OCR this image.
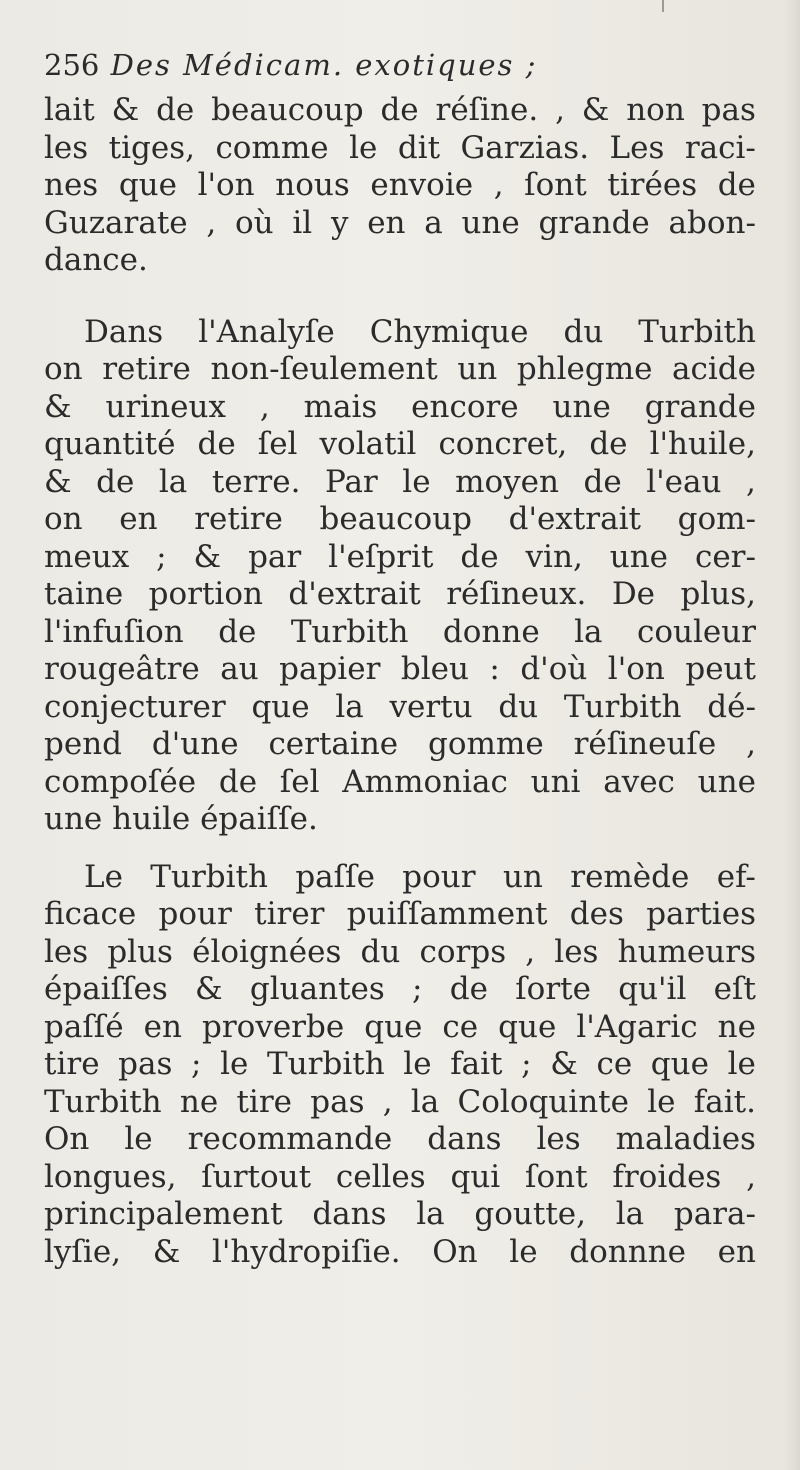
256 Des Médicam. exotiques ;
lait & de beaucoup de réſine. , & non pas
les tiges, comme le dit Garzias. Les raci-
nes que l'on nous envoie , ſont tirées de
Guzarate , où il y en a une grande abon-
dance.
Dans l'Analyſe Chymique du Turbith
on retire non-ſeulement un phlegme acide
& urineux , mais encore une grande
quantité de ſel volatil concret, de l'huile,
& de la terre. Par le moyen de l'eau ,
on en retire beaucoup d'extrait gom-
meux ; & par l'eſprit de vin, une cer-
taine portion d'extrait réſineux. De plus,
l'infuſion de Turbith donne la couleur
rougeâtre au papier bleu : d'où l'on peut
conjecturer que la vertu du Turbith dé-
pend d'une certaine gomme réſineuſe ,
compoſée de ſel Ammoniac uni avec une
une huile épaiſſe.
Le Turbith paſſe pour un remède ef-
ficace pour tirer puiſſamment des parties
les plus éloignées du corps , les humeurs
épaiſſes & gluantes ; de ſorte qu'il eſt
paſſé en proverbe que ce que l'Agaric ne
tire pas ; le Turbith le fait ; & ce que le
Turbith ne tire pas , la Coloquinte le fait.
On le recommande dans les maladies
longues, ſurtout celles qui ſont froides ,
principalement dans la goutte, la para-
lyſie, & l'hydropiſie. On le donnne en
